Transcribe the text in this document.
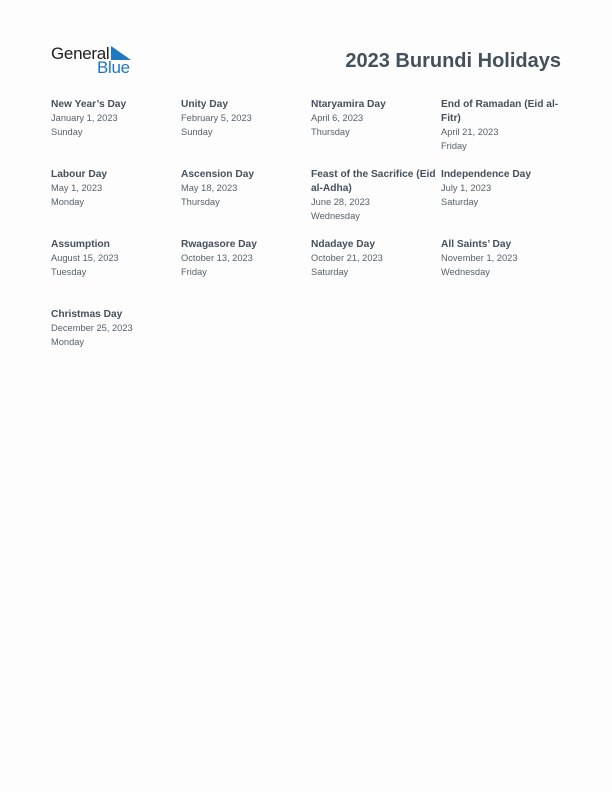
General
Blue	2023 Burundi Holidays
New Year’s Day
January 1, 2023
Sunday
Unity Day
February 5, 2023
Sunday
Ntaryamira Day
April 6, 2023
Thursday
End of Ramadan (Eid al-Fitr)
April 21, 2023
Friday
Labour Day
May 1, 2023
Monday
Ascension Day
May 18, 2023
Thursday
Feast of the Sacrifice (Eid al-Adha)
June 28, 2023
Wednesday
Independence Day
July 1, 2023
Saturday
Assumption
August 15, 2023
Tuesday
Rwagasore Day
October 13, 2023
Friday
Ndadaye Day
October 21, 2023
Saturday
All Saints’ Day
November 1, 2023
Wednesday
Christmas Day
December 25, 2023
Monday
